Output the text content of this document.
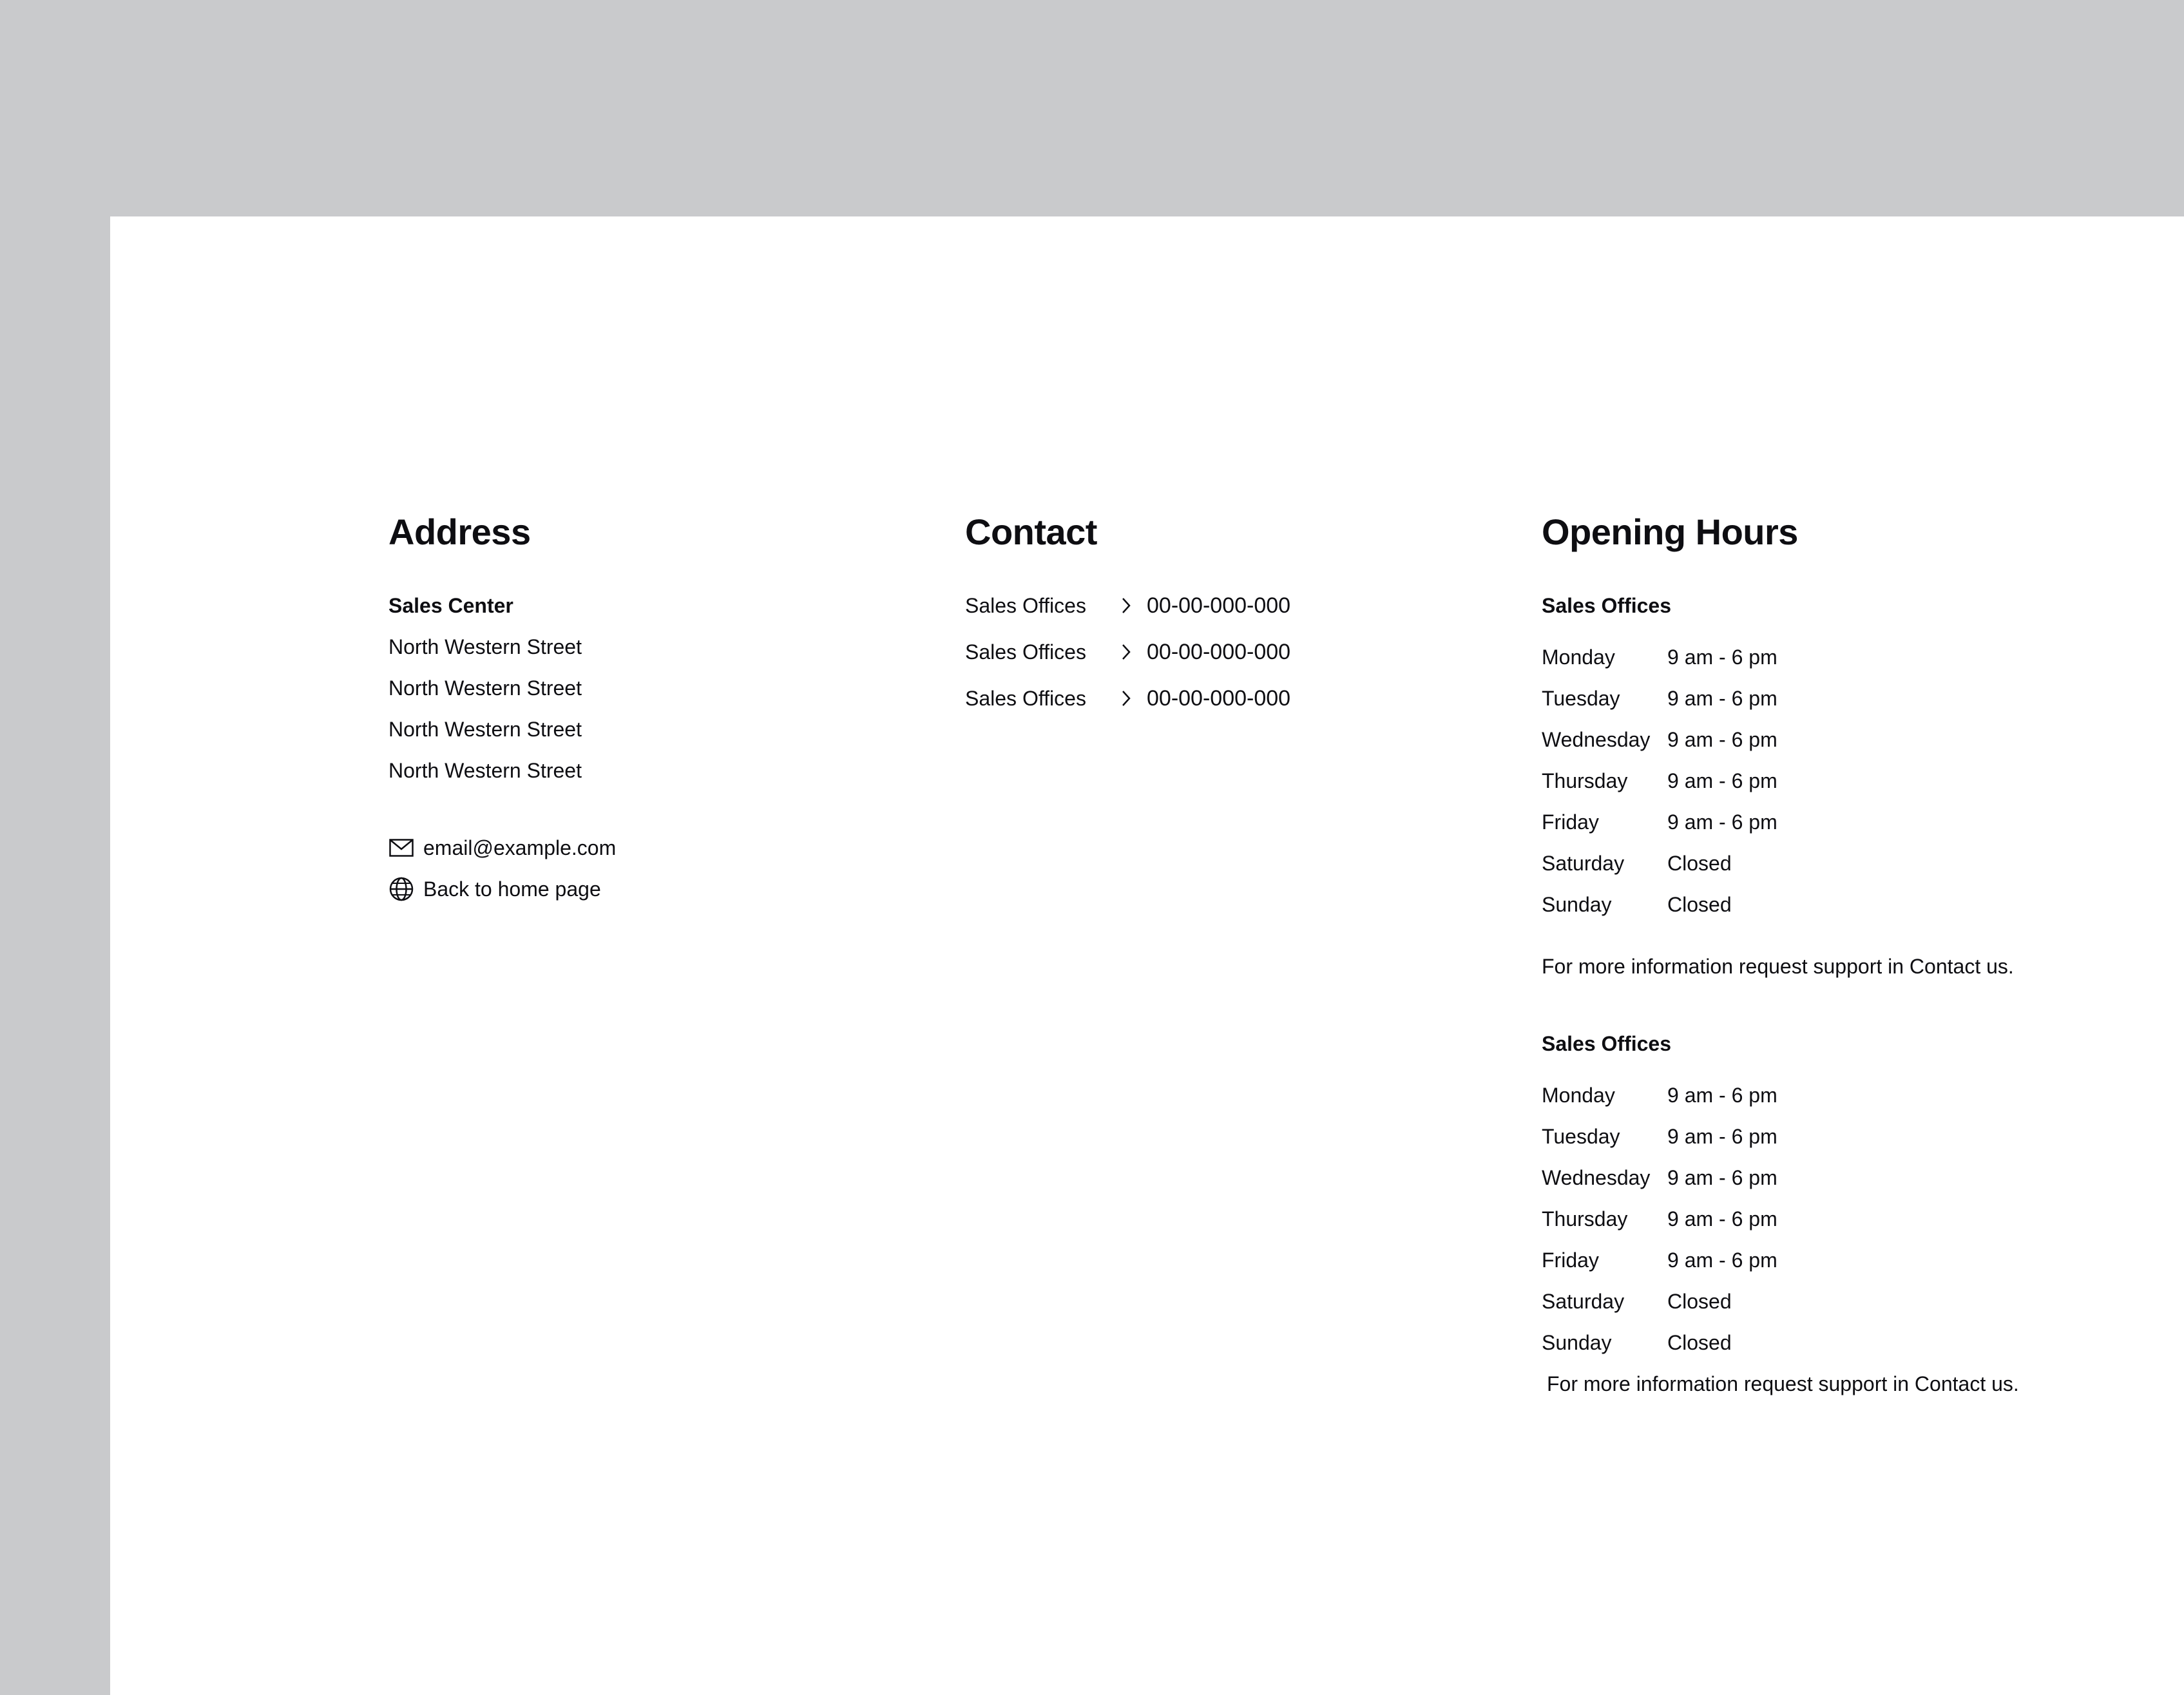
Address
Sales Center
North Western Street
North Western Street
North Western Street
North Western Street
email@example.com
Back to home page
Contact
Sales Offices	00-00-000-000
Sales Offices	00-00-000-000
Sales Offices	00-00-000-000
Opening Hours
Sales Offices
Monday	9 am - 6 pm
Tuesday	9 am - 6 pm
Wednesday 9 am - 6 pm
Thursday	9 am - 6 pm
Friday	9 am - 6 pm
Saturday	Closed
Sunday	Closed
For more information request support in Contact us.
Sales Offices
Monday	9 am - 6 pm
Tuesday	9 am - 6 pm
Wednesday 9 am - 6 pm
Thursday	9 am - 6 pm
Friday	9 am - 6 pm
Saturday	Closed
Sunday	Closed
For more information request support in Contact us.
